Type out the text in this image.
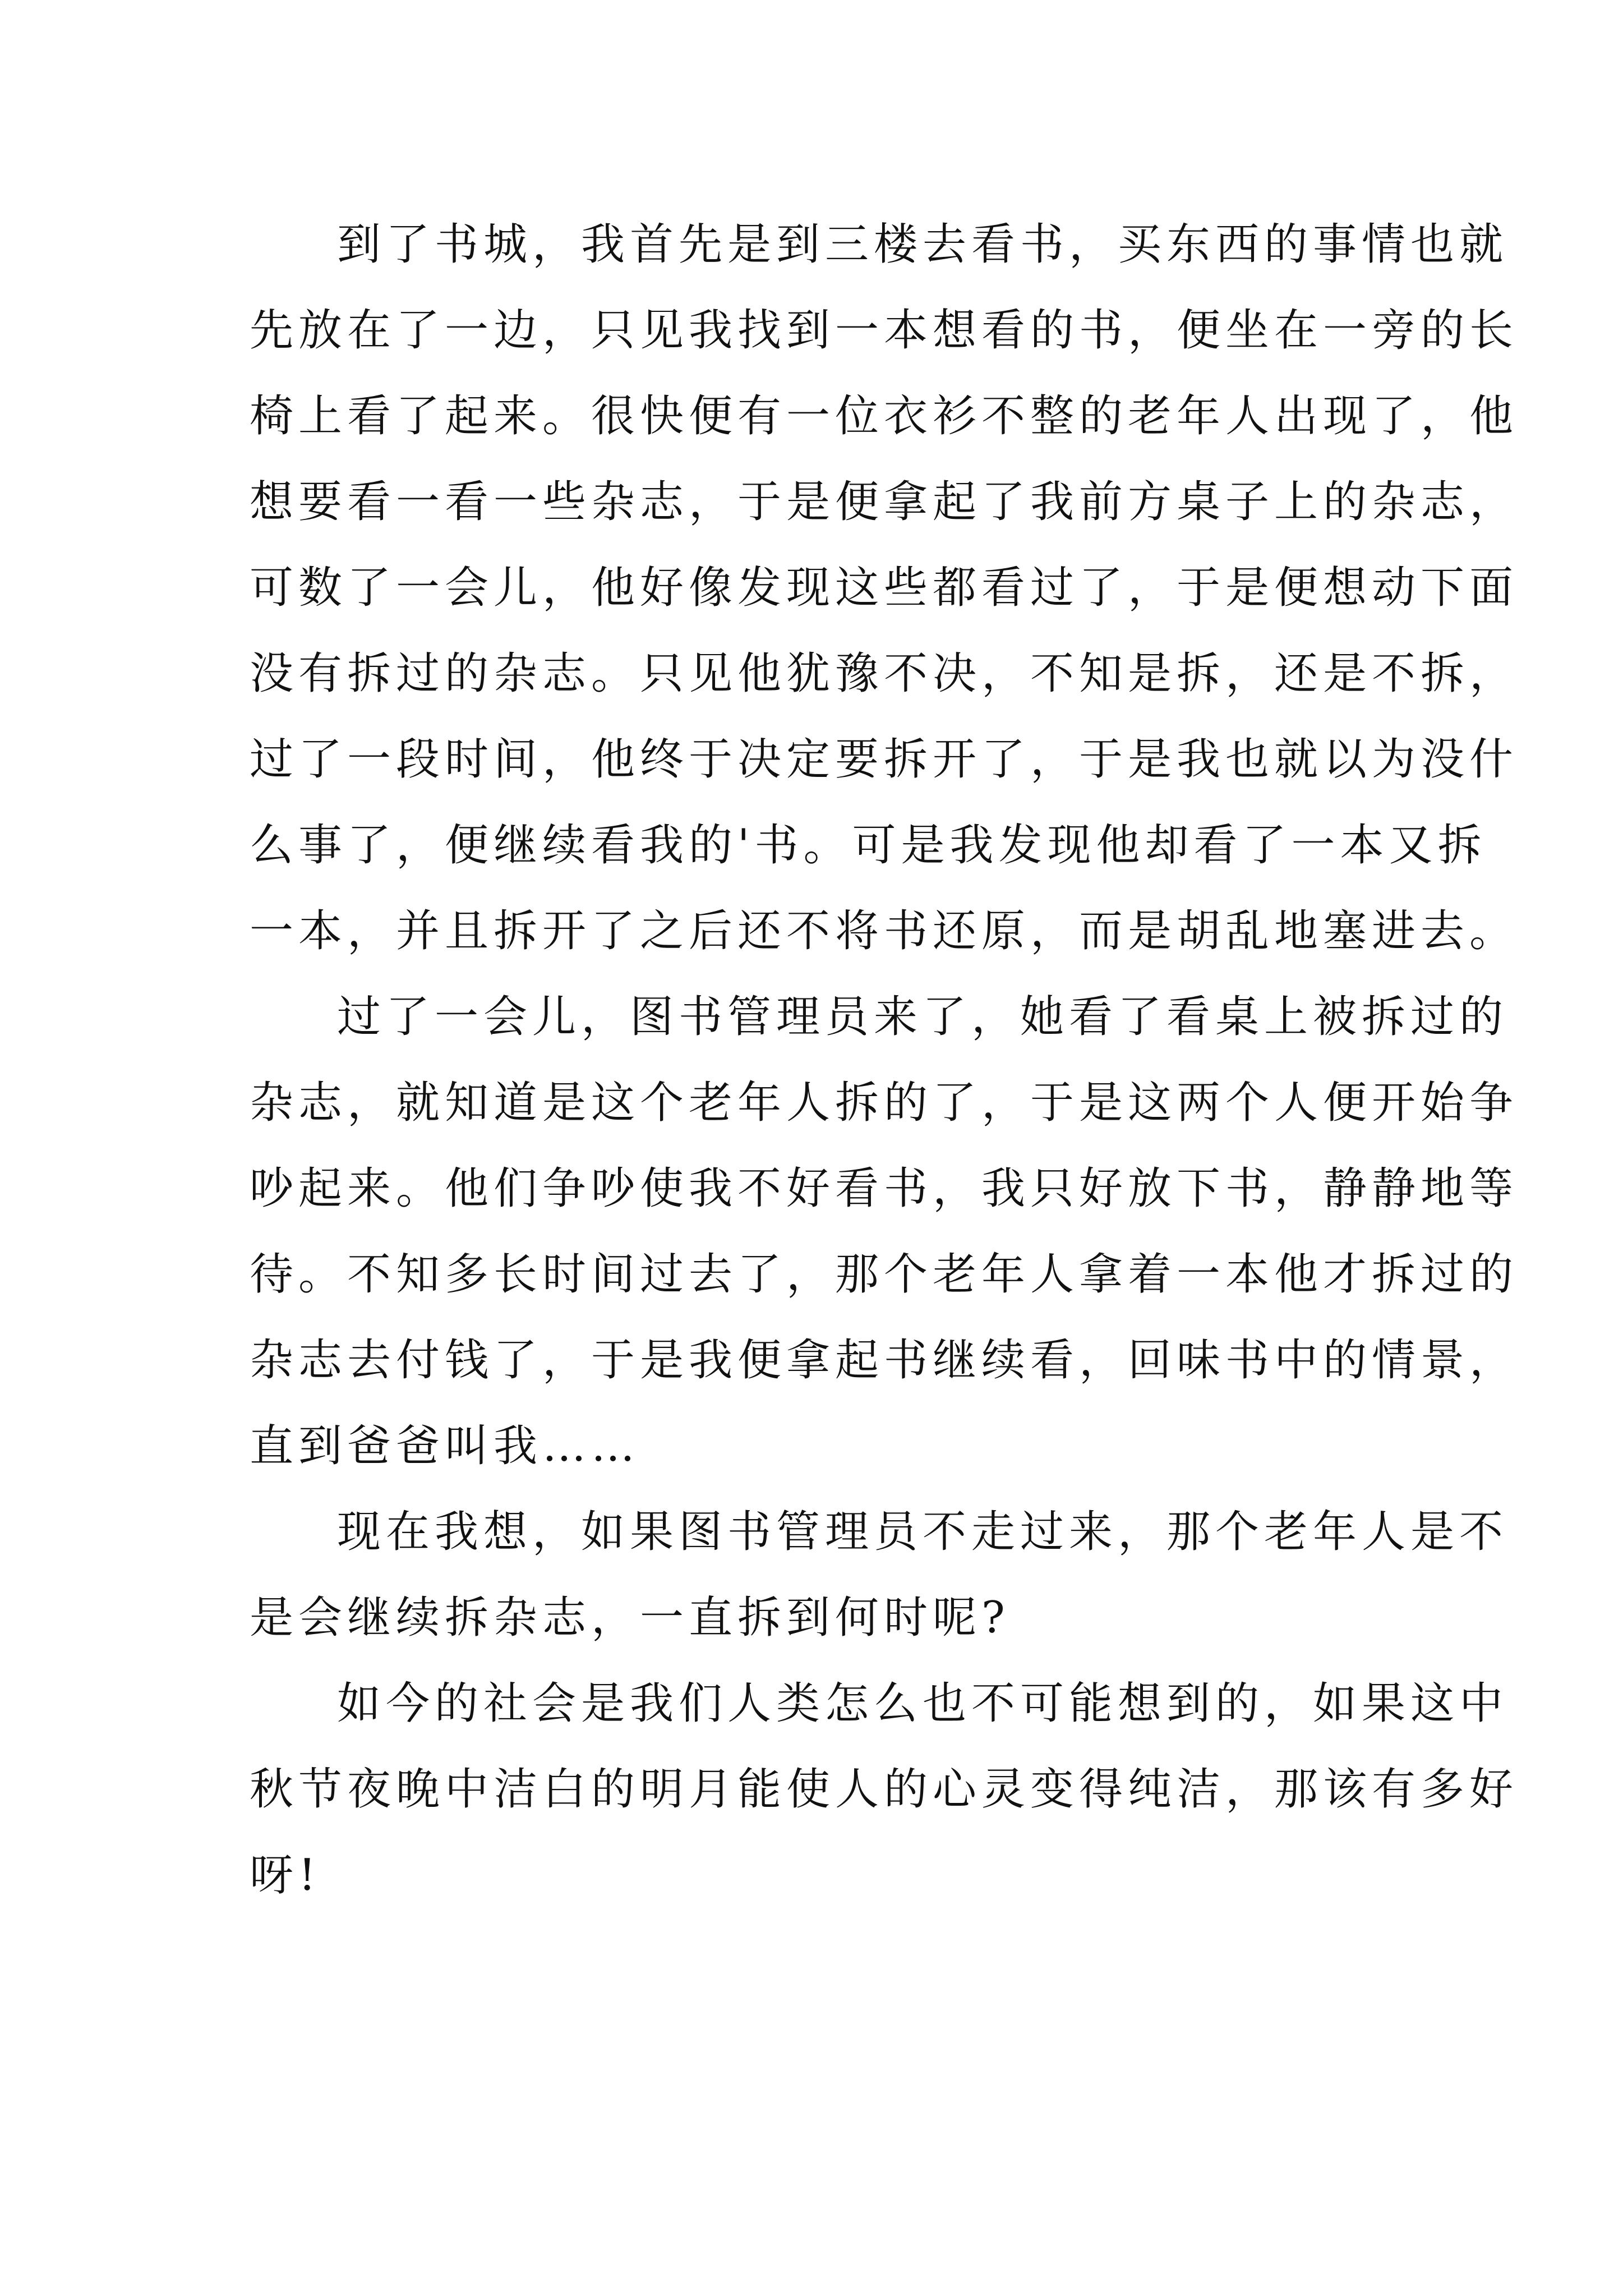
到了书城，我首先是到三楼去看书，买东西的事情也就
先放在了一边，只见我找到一本想看的书，便坐在一旁的长
椅上看了起来。很快便有一位衣衫不整的老年人出现了，他
想要看一看一些杂志，于是便拿起了我前方桌子上的杂志，
可数了一会儿，他好像发现这些都看过了，于是便想动下面
没有拆过的杂志。只见他犹豫不决，不知是拆，还是不拆，
过了一段时间，他终于决定要拆开了，于是我也就以为没什
么事了，便继续看我的'书。可是我发现他却看了一本又拆
一本，并且拆开了之后还不将书还原，而是胡乱地塞进去。
过了一会儿，图书管理员来了，她看了看桌上被拆过的
杂志，就知道是这个老年人拆的了，于是这两个人便开始争
吵起来。他们争吵使我不好看书，我只好放下书，静静地等
待。不知多长时间过去了，那个老年人拿着一本他才拆过的
杂志去付钱了，于是我便拿起书继续看，回味书中的情景，
直到爸爸叫我……
现在我想，如果图书管理员不走过来，那个老年人是不
是会继续拆杂志，一直拆到何时呢?
如今的社会是我们人类怎么也不可能想到的，如果这中
秋节夜晚中洁白的明月能使人的心灵变得纯洁，那该有多好
呀!
